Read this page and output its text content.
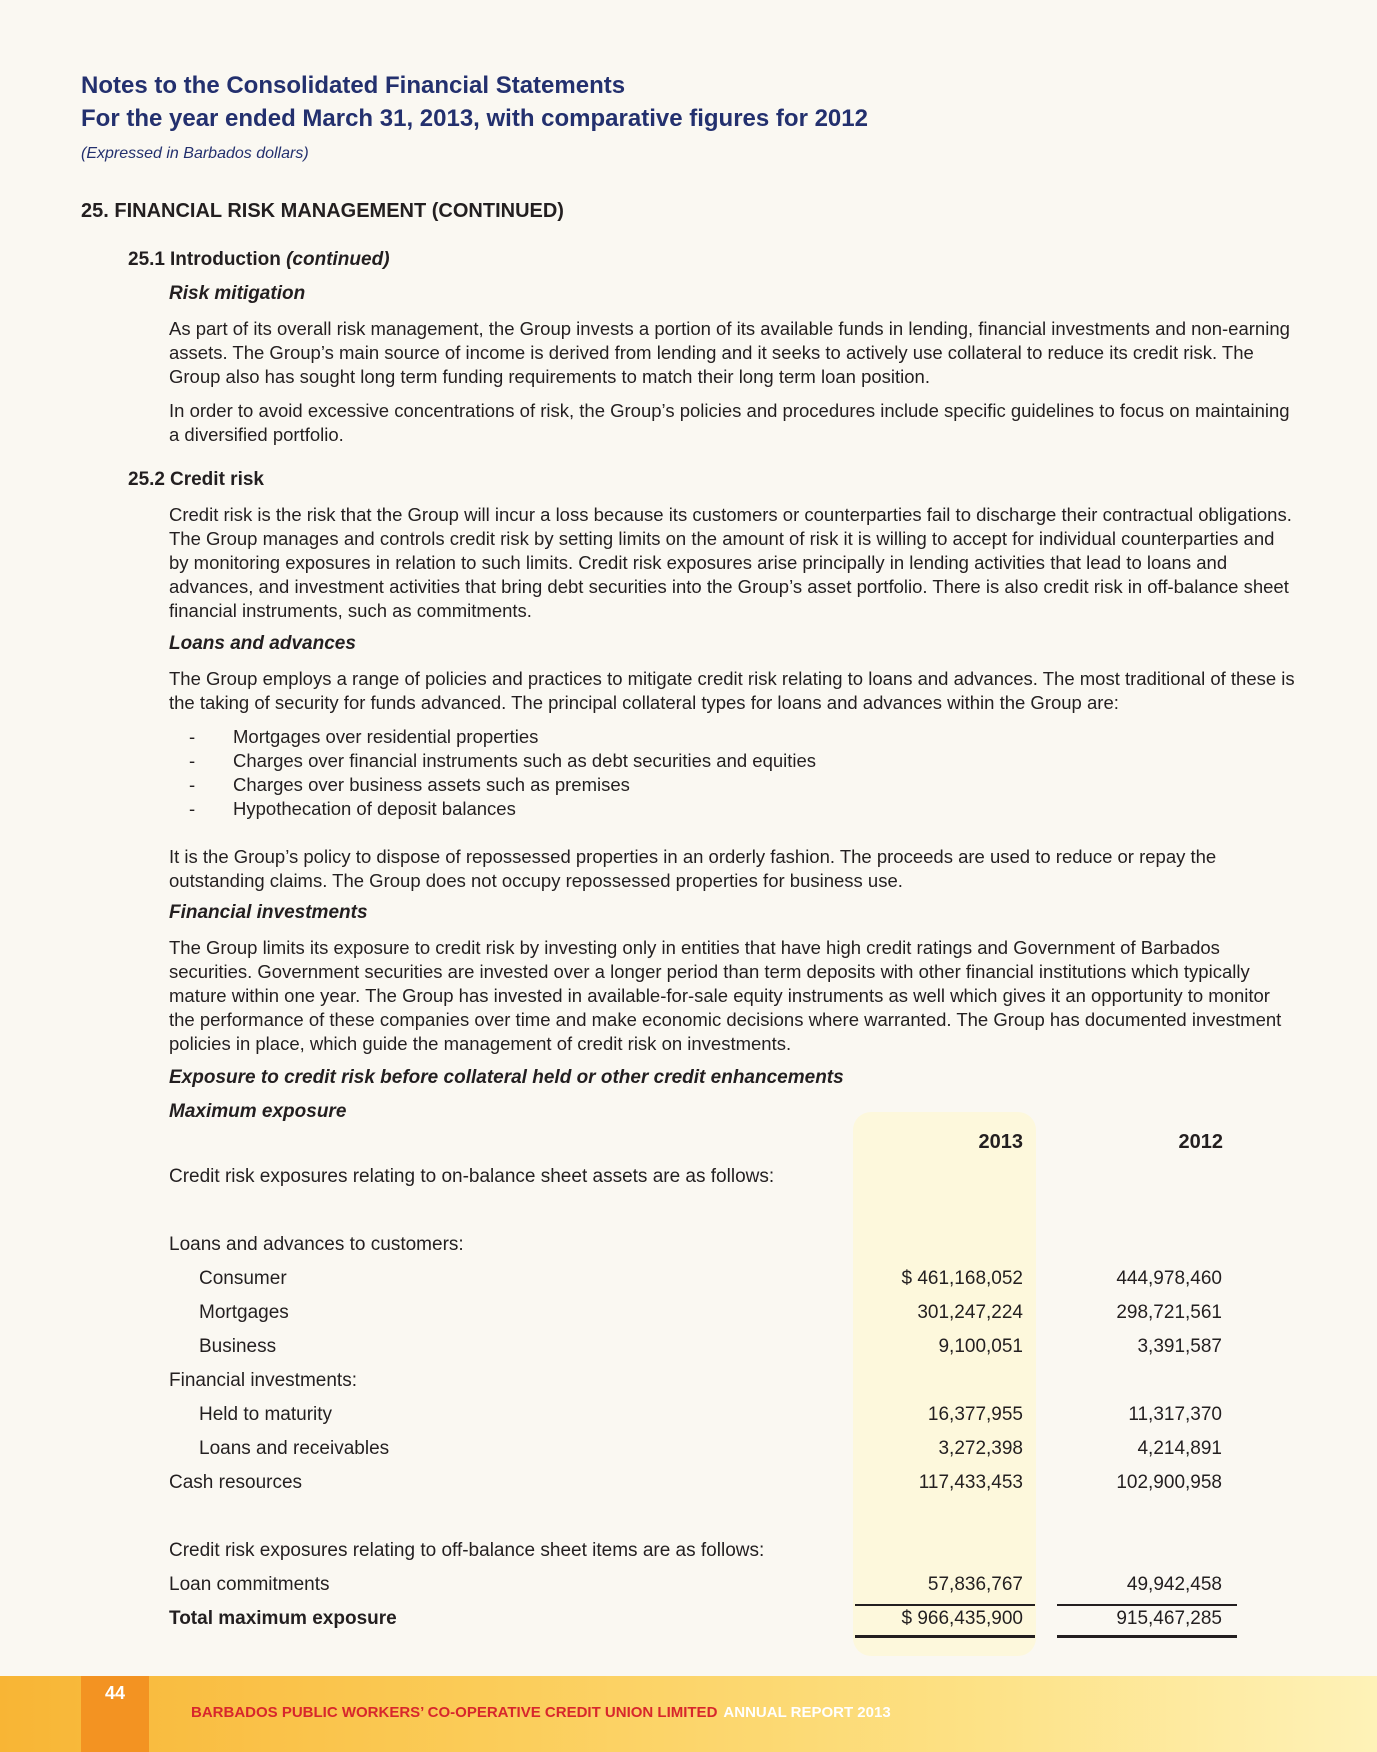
Notes to the Consolidated Financial Statements
For the year ended March 31, 2013, with comparative figures for 2012
(Expressed in Barbados dollars)
25. FINANCIAL RISK MANAGEMENT (CONTINUED)
25.1 Introduction (continued)
Risk mitigation

As part of its overall risk management, the Group invests a portion of its available funds in lending, financial investments and non-earning assets. The Group’s main source of income is derived from lending and it seeks to actively use collateral to reduce its credit risk. The Group also has sought long term funding requirements to match their long term loan position.

In order to avoid excessive concentrations of risk, the Group’s policies and procedures include specific guidelines to focus on maintaining a diversified portfolio.

25.2 Credit risk

Credit risk is the risk that the Group will incur a loss because its customers or counterparties fail to discharge their contractual obligations. The Group manages and controls credit risk by setting limits on the amount of risk it is willing to accept for individual counterparties and by monitoring exposures in relation to such limits. Credit risk exposures arise principally in lending activities that lead to loans and advances, and investment activities that bring debt securities into the Group’s asset portfolio. There is also credit risk in off-balance sheet financial instruments, such as commitments.

Loans and advances

The Group employs a range of policies and practices to mitigate credit risk relating to loans and advances. The most traditional of these is the taking of security for funds advanced. The principal collateral types for loans and advances within the Group are:

- Mortgages over residential properties
- Charges over financial instruments such as debt securities and equities
- Charges over business assets such as premises
- Hypothecation of deposit balances

It is the Group’s policy to dispose of repossessed properties in an orderly fashion. The proceeds are used to reduce or repay the outstanding claims. The Group does not occupy repossessed properties for business use.

Financial investments

The Group limits its exposure to credit risk by investing only in entities that have high credit ratings and Government of Barbados securities. Government securities are invested over a longer period than term deposits with other financial institutions which typically mature within one year. The Group has invested in available-for-sale equity instruments as well which gives it an opportunity to monitor the performance of these companies over time and make economic decisions where warranted. The Group has documented investment policies in place, which guide the management of credit risk on investments.

Exposure to credit risk before collateral held or other credit enhancements
Maximum exposure
2013	2012
Credit risk exposures relating to on-balance sheet assets are as follows:
Loans and advances to customers:
Consumer	$ 461,168,052	444,978,460
Mortgages	301,247,224	298,721,561
Business	9,100,051	3,391,587
Financial investments:
Held to maturity	16,377,955	11,317,370
Loans and receivables	3,272,398	4,214,891
Cash resources	117,433,453	102,900,958
Credit risk exposures relating to off-balance sheet items are as follows:
Loan commitments	57,836,767	49,942,458
Total maximum exposure	$ 966,435,900	915,467,285
44
BARBADOS PUBLIC WORKERS’ CO-OPERATIVE CREDIT UNION LIMITED ANNUAL REPORT 2013
